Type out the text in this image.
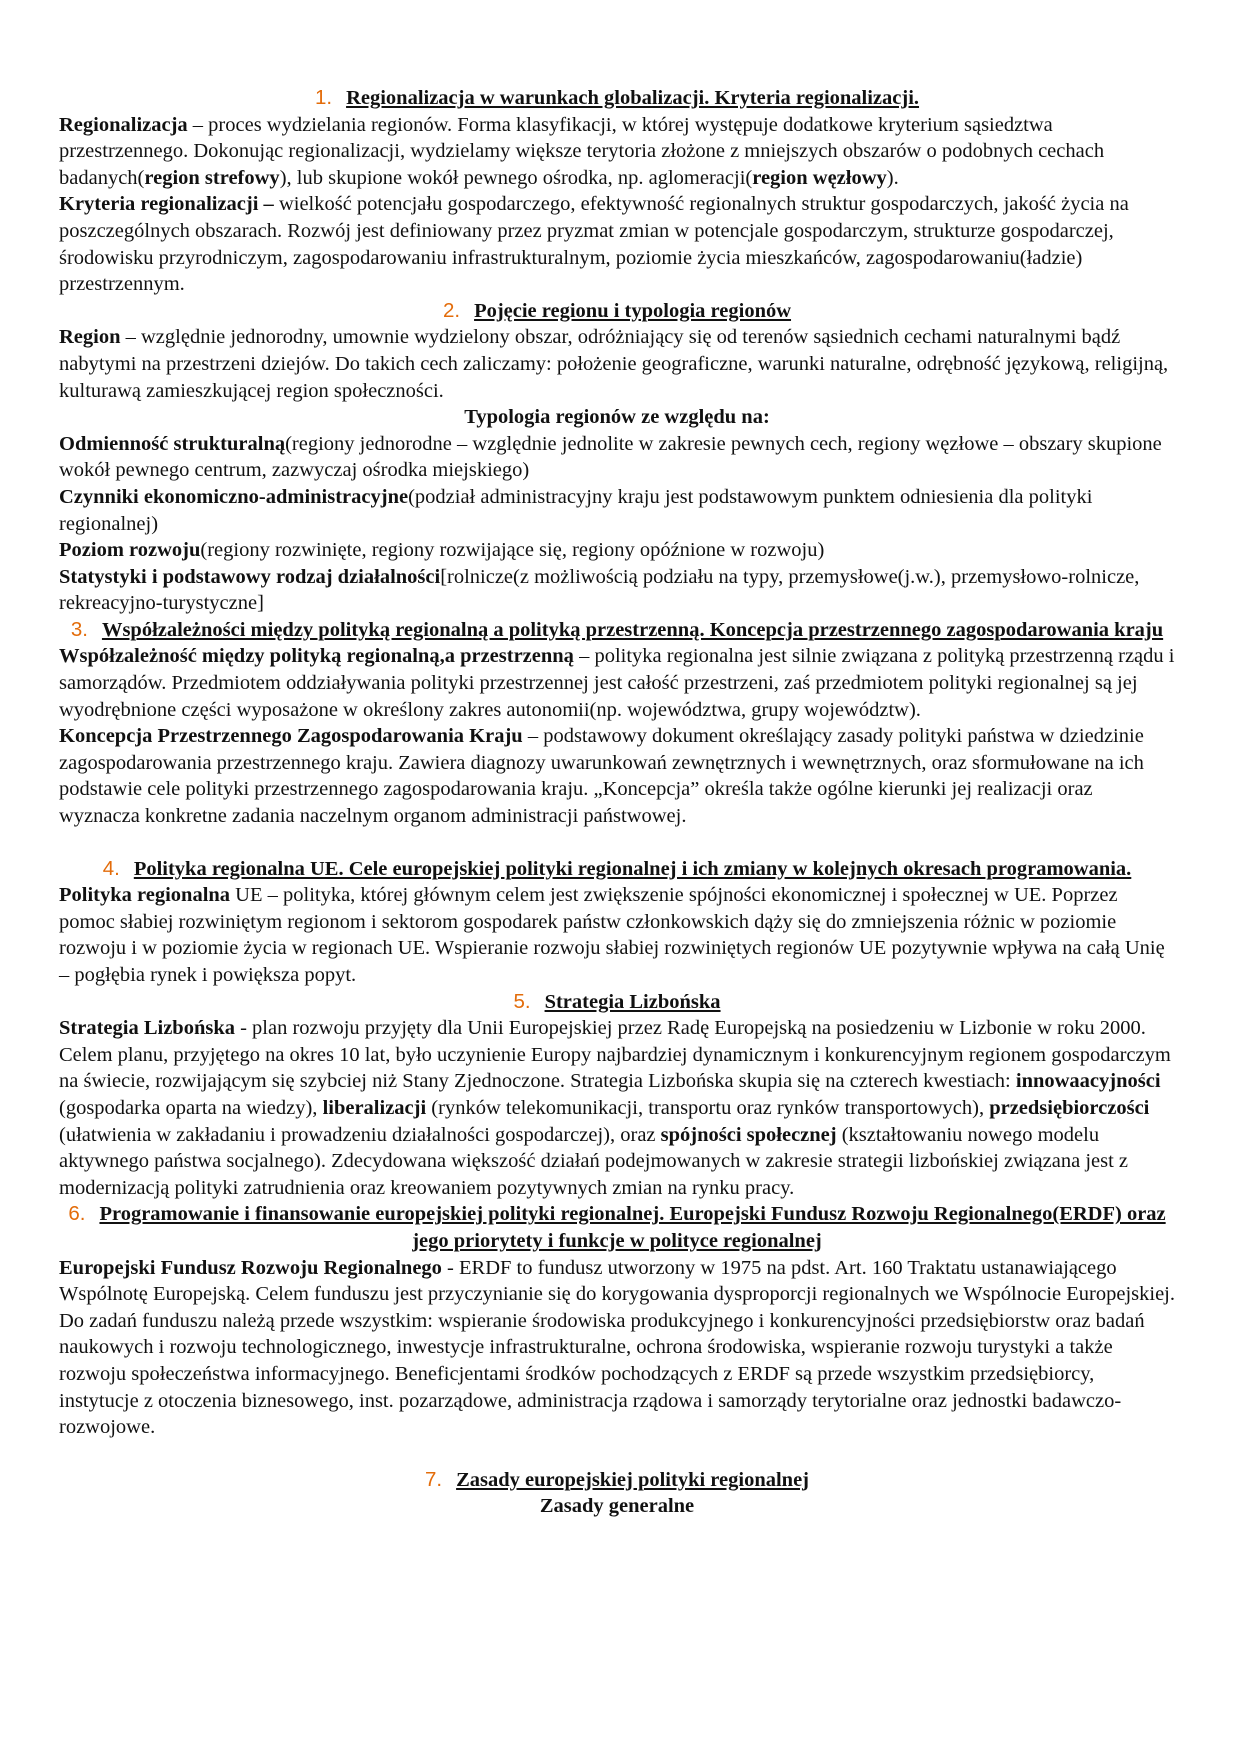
1. Regionalizacja w warunkach globalizacji. Kryteria regionalizacji.

Regionalizacja – proces wydzielania regionów. Forma klasyfikacji, w której występuje dodatkowe kryterium sąsiedztwa przestrzennego. Dokonując regionalizacji, wydzielamy większe terytoria złożone z mniejszych obszarów o podobnych cechach badanych(region strefowy), lub skupione wokół pewnego ośrodka, np. aglomeracji(region węzłowy).

Kryteria regionalizacji – wielkość potencjału gospodarczego, efektywność regionalnych struktur gospodarczych, jakość życia na poszczególnych obszarach. Rozwój jest definiowany przez pryzmat zmian w potencjale gospodarczym, strukturze gospodarczej, środowisku przyrodniczym, zagospodarowaniu infrastrukturalnym, poziomie życia mieszkańców, zagospodarowaniu(ładzie) przestrzennym.

2. Pojęcie regionu i typologia regionów

Region – względnie jednorodny, umownie wydzielony obszar, odróżniający się od terenów sąsiednich cechami naturalnymi bądź nabytymi na przestrzeni dziejów. Do takich cech zaliczamy: położenie geograficzne, warunki naturalne, odrębność językową, religijną, kulturawą zamieszkującej region społeczności.

Typologia regionów ze względu na:

Odmienność strukturalną(regiony jednorodne – względnie jednolite w zakresie pewnych cech, regiony węzłowe – obszary skupione wokół pewnego centrum, zazwyczaj ośrodka miejskiego)

Czynniki ekonomiczno-administracyjne(podział administracyjny kraju jest podstawowym punktem odniesienia dla polityki regionalnej)

Poziom rozwoju(regiony rozwinięte, regiony rozwijające się, regiony opóźnione w rozwoju)

Statystyki i podstawowy rodzaj działalności[rolnicze(z możliwością podziału na typy, przemysłowe(j.w.), przemysłowo-rolnicze, rekreacyjno-turystyczne]

3. Współzależności między polityką regionalną a polityką przestrzenną. Koncepcja przestrzennego zagospodarowania kraju

Współzależność między polityką regionalną,a przestrzenną – polityka regionalna jest silnie związana z polityką przestrzenną rządu i samorządów. Przedmiotem oddziaływania polityki przestrzennej jest całość przestrzeni, zaś przedmiotem polityki regionalnej są jej wyodrębnione części wyposażone w określony zakres autonomii(np. województwa, grupy województw).

Koncepcja Przestrzennego Zagospodarowania Kraju – podstawowy dokument określający zasady polityki państwa w dziedzinie zagospodarowania przestrzennego kraju. Zawiera diagnozy uwarunkowań zewnętrznych i wewnętrznych, oraz sformułowane na ich podstawie cele polityki przestrzennego zagospodarowania kraju. „Koncepcja” określa także ogólne kierunki jej realizacji oraz wyznacza konkretne zadania naczelnym organom administracji państwowej.

4. Polityka regionalna UE. Cele europejskiej polityki regionalnej i ich zmiany w kolejnych okresach programowania.

Polityka regionalna UE – polityka, której głównym celem jest zwiększenie spójności ekonomicznej i społecznej w UE. Poprzez pomoc słabiej rozwiniętym regionom i sektorom gospodarek państw członkowskich dąży się do zmniejszenia różnic w poziomie rozwoju i w poziomie życia w regionach UE. Wspieranie rozwoju słabiej rozwiniętych regionów UE pozytywnie wpływa na całą Unię – pogłębia rynek i powiększa popyt.

5. Strategia Lizbońska

Strategia Lizbońska - plan rozwoju przyjęty dla Unii Europejskiej przez Radę Europejską na posiedzeniu w Lizbonie w roku 2000. Celem planu, przyjętego na okres 10 lat, było uczynienie Europy najbardziej dynamicznym i konkurencyjnym regionem gospodarczym na świecie, rozwijającym się szybciej niż Stany Zjednoczone. Strategia Lizbońska skupia się na czterech kwestiach: innowaacyjności (gospodarka oparta na wiedzy), liberalizacji (rynków telekomunikacji, transportu oraz rynków transportowych), przedsiębiorczości (ułatwienia w zakładaniu i prowadzeniu działalności gospodarczej), oraz spójności społecznej (kształtowaniu nowego modelu aktywnego państwa socjalnego). Zdecydowana większość działań podejmowanych w zakresie strategii lizbońskiej związana jest z modernizacją polityki zatrudnienia oraz kreowaniem pozytywnych zmian na rynku pracy.

6. Programowanie i finansowanie europejskiej polityki regionalnej. Europejski Fundusz Rozwoju Regionalnego(ERDF) oraz jego priorytety i funkcje w polityce regionalnej

Europejski Fundusz Rozwoju Regionalnego - ERDF to fundusz utworzony w 1975 na pdst. Art. 160 Traktatu ustanawiającego Wspólnotę Europejską. Celem funduszu jest przyczynianie się do korygowania dysproporcji regionalnych we Wspólnocie Europejskiej. Do zadań funduszu należą przede wszystkim: wspieranie środowiska produkcyjnego i konkurencyjności przedsiębiorstw oraz badań naukowych i rozwoju technologicznego, inwestycje infrastrukturalne, ochrona środowiska, wspieranie rozwoju turystyki a także rozwoju społeczeństwa informacyjnego. Beneficjentami środków pochodzących z ERDF są przede wszystkim przedsiębiorcy, instytucje z otoczenia biznesowego, inst. pozarządowe, administracja rządowa i samorządy terytorialne oraz jednostki badawczo-rozwojowe.

7. Zasady europejskiej polityki regionalnej

Zasady generalne
